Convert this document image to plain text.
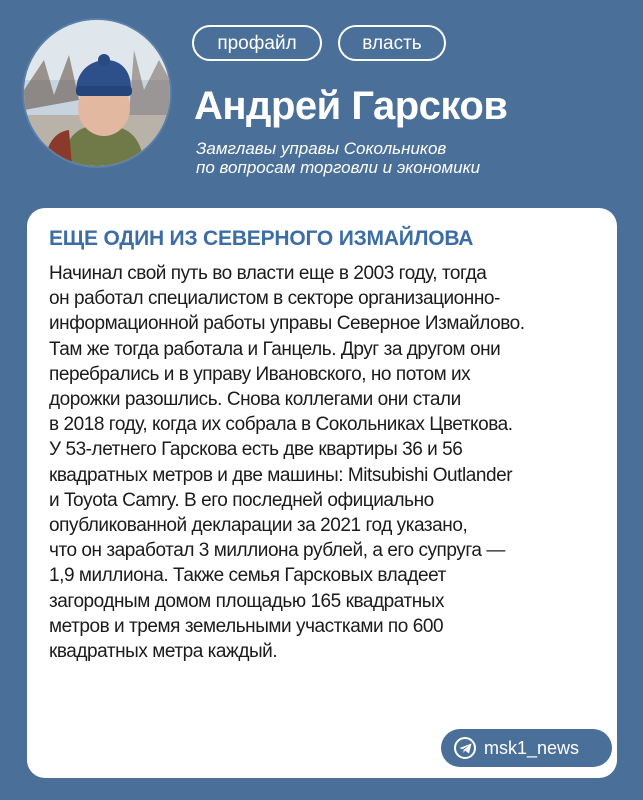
профайл	власть
Андрей Гарсков
Замглавы управы Сокольников
по вопросам торговли и экономики
ЕЩЕ ОДИН ИЗ СЕВЕРНОГО ИЗМАЙЛОВА
Начинал свой путь во власти еще в 2003 году, тогда
он работал специалистом в секторе организационно-
информационной работы управы Северное Измайлово.
Там же тогда работала и Ганцель. Друг за другом они
перебрались и в управу Ивановского, но потом их
дорожки разошлись. Снова коллегами они стали
в 2018 году, когда их собрала в Сокольниках Цветкова.
У 53-летнего Гарскова есть две квартиры 36 и 56
квадратных метров и две машины: Mitsubishi Outlander
и Toyota Camry. В его последней официально
опубликованной декларации за 2021 год указано,
что он заработал 3 миллиона рублей, а его супруга —
1,9 миллиона. Также семья Гарсковых владеет
загородным домом площадью 165 квадратных
метров и тремя земельными участками по 600
квадратных метра каждый.
msk1_news
